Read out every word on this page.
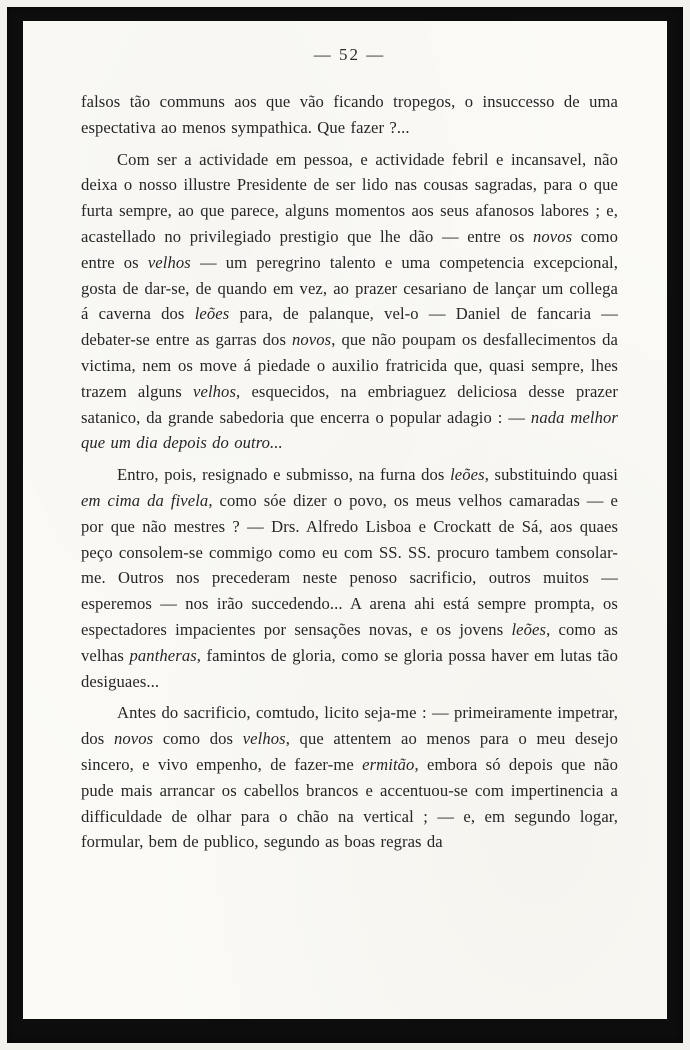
— 52 —

falsos tão communs aos que vão ficando tropegos, o insuccesso de uma espectativa ao menos sympathica. Que fazer ?...

Com ser a actividade em pessoa, e actividade febril e incansavel, não deixa o nosso illustre Presidente de ser lido nas cousas sagradas, para o que furta sempre, ao que parece, alguns momentos aos seus afanosos labores ; e, acastellado no privilegiado prestigio que lhe dão — entre os novos como entre os velhos — um peregrino talento e uma competencia excepcional, gosta de dar-se, de quando em vez, ao prazer cesariano de lançar um collega á caverna dos leões para, de palanque, vel-o — Daniel de fancaria — debater-se entre as garras dos novos, que não poupam os desfallecimentos da victima, nem os move á piedade o auxilio fratricida que, quasi sempre, lhes trazem alguns velhos, esquecidos, na embriaguez deliciosa desse prazer satanico, da grande sabedoria que encerra o popular adagio : — nada melhor que um dia depois do outro...

Entro, pois, resignado e submisso, na furna dos leões, substituindo quasi em cima da fivela, como sóe dizer o povo, os meus velhos camaradas — e por que não mestres ? — Drs. Alfredo Lisboa e Crockatt de Sá, aos quaes peço consolem-se commigo como eu com SS. SS. procuro tambem consolar-me. Outros nos precederam neste penoso sacrificio, outros muitos — esperemos — nos irão succedendo... A arena ahi está sempre prompta, os espectadores impacientes por sensações novas, e os jovens leões, como as velhas pantheras, famintos de gloria, como se gloria possa haver em lutas tão desiguaes...

Antes do sacrificio, comtudo, licito seja-me : — primeiramente impetrar, dos novos como dos velhos, que attentem ao menos para o meu desejo sincero, e vivo empenho, de fazer-me ermitão, embora só depois que não pude mais arrancar os cabellos brancos e accentuou-se com impertinencia a difficuldade de olhar para o chão na vertical ; — e, em segundo logar, formular, bem de publico, segundo as boas regras da
